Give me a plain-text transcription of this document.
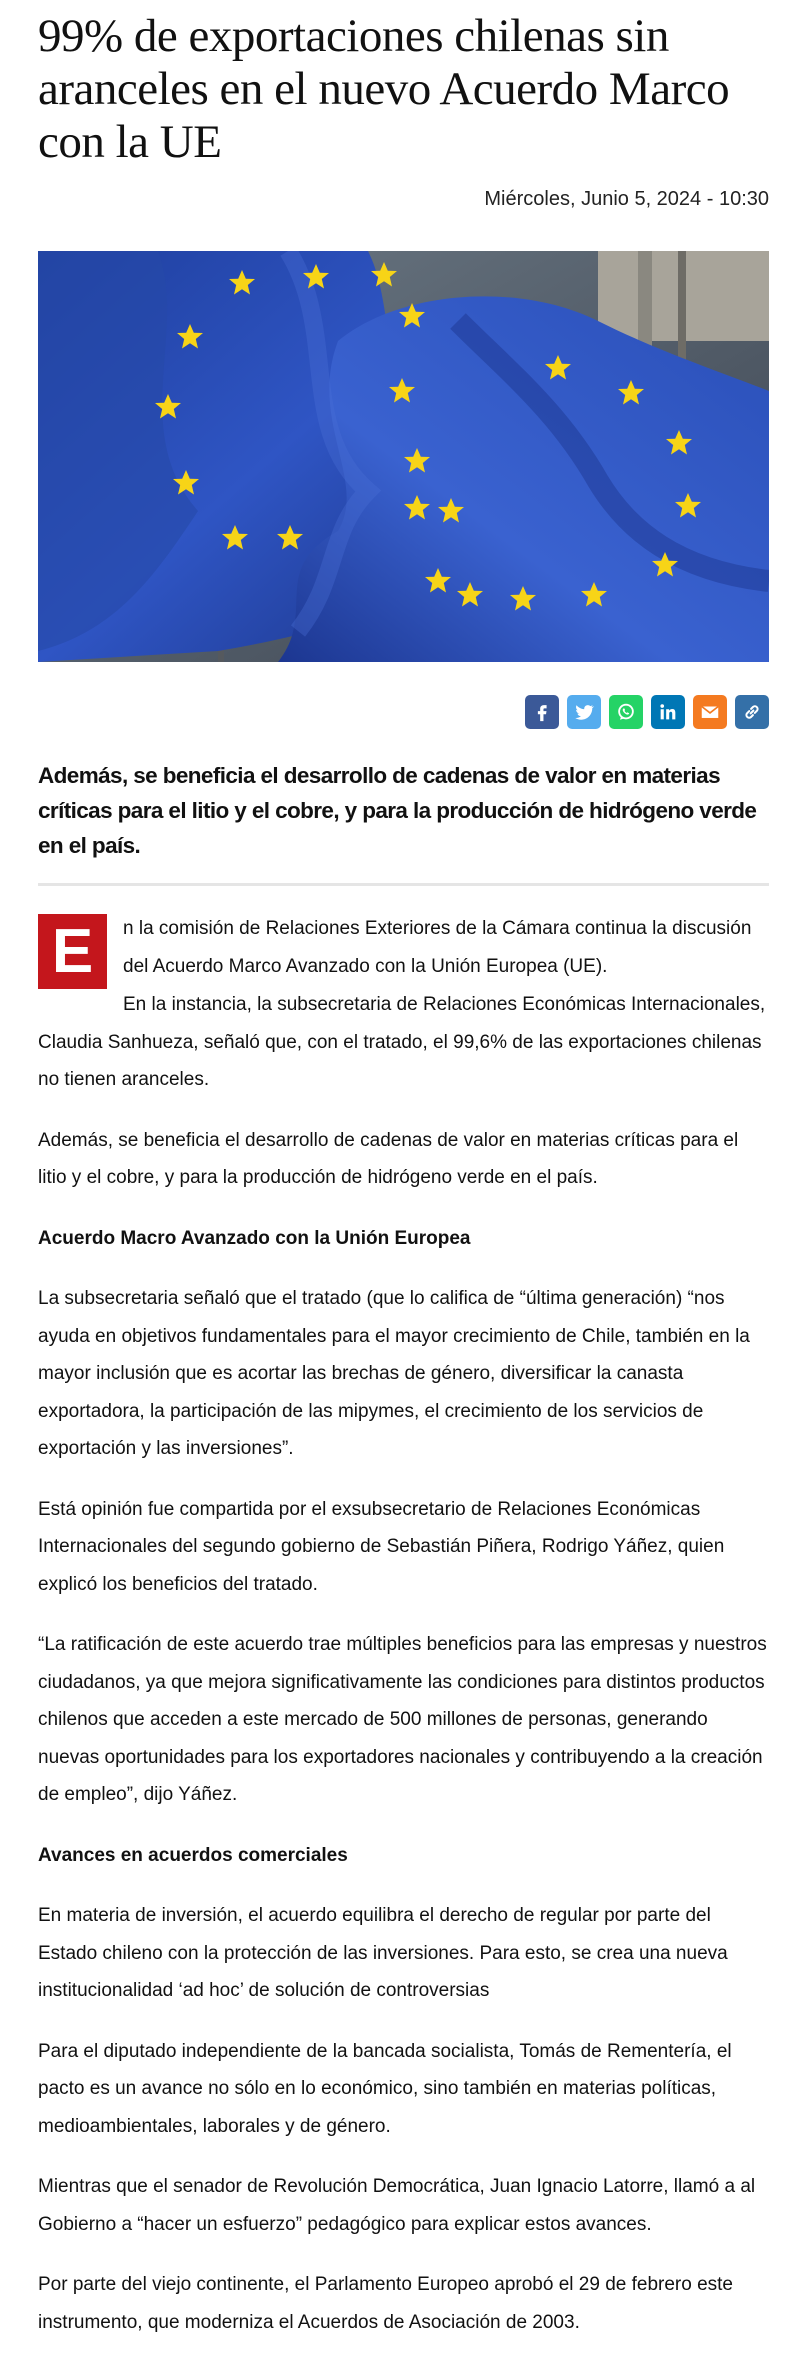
99% de exportaciones chilenas sin aranceles en el nuevo Acuerdo Marco con la UE
Miércoles, Junio 5, 2024 - 10:30
Además, se beneficia el desarrollo de cadenas de valor en materias críticas para el litio y el cobre, y para la producción de hidrógeno verde en el país.
E	n la comisión de Relaciones Exteriores de la Cámara continua la discusión del Acuerdo Marco Avanzado con la Unión Europea (UE).

En la instancia, la subsecretaria de Relaciones Económicas Internacionales, Claudia Sanhueza, señaló que, con el tratado, el 99,6% de las exportaciones chilenas no tienen aranceles.

Además, se beneficia el desarrollo de cadenas de valor en materias críticas para el litio y el cobre, y para la producción de hidrógeno verde en el país.

Acuerdo Macro Avanzado con la Unión Europea

La subsecretaria señaló que el tratado (que lo califica de “última generación) “nos ayuda en objetivos fundamentales para el mayor crecimiento de Chile, también en la mayor inclusión que es acortar las brechas de género, diversificar la canasta exportadora, la participación de las mipymes, el crecimiento de los servicios de exportación y las inversiones”.

Está opinión fue compartida por el exsubsecretario de Relaciones Económicas Internacionales del segundo gobierno de Sebastián Piñera, Rodrigo Yáñez, quien explicó los beneficios del tratado.

“La ratificación de este acuerdo trae múltiples beneficios para las empresas y nuestros ciudadanos, ya que mejora significativamente las condiciones para distintos productos chilenos que acceden a este mercado de 500 millones de personas, generando nuevas oportunidades para los exportadores nacionales y contribuyendo a la creación de empleo”, dijo Yáñez.

Avances en acuerdos comerciales

En materia de inversión, el acuerdo equilibra el derecho de regular por parte del Estado chileno con la protección de las inversiones. Para esto, se crea una nueva institucionalidad ‘ad hoc’ de solución de controversias

Para el diputado independiente de la bancada socialista, Tomás de Rementería, el pacto es un avance no sólo en lo económico, sino también en materias políticas, medioambientales, laborales y de género.

Mientras que el senador de Revolución Democrática, Juan Ignacio Latorre, llamó a al Gobierno a “hacer un esfuerzo” pedagógico para explicar estos avances.

Por parte del viejo continente, el Parlamento Europeo aprobó el 29 de febrero este instrumento, que moderniza el Acuerdos de Asociación de 2003.
